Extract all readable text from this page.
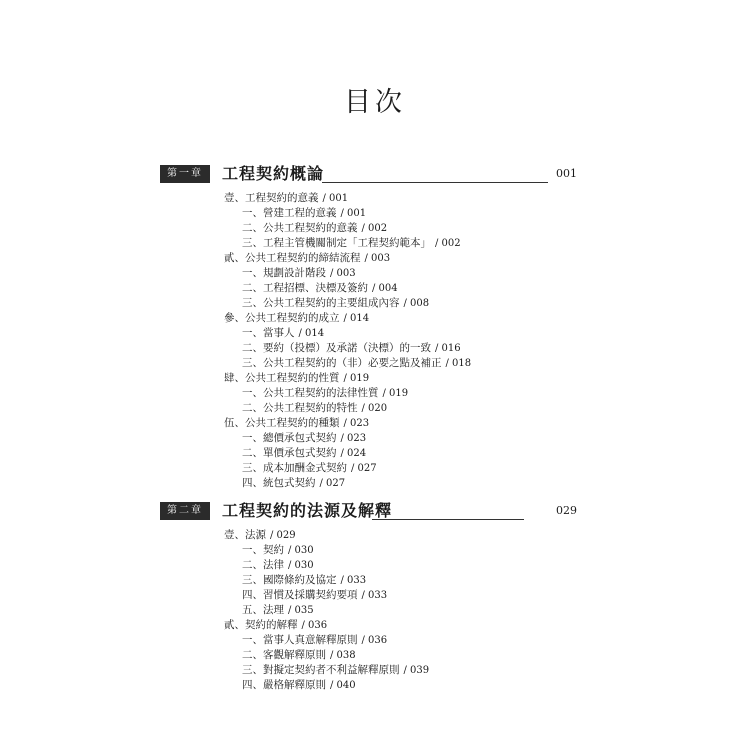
目次
第一章	工程契約概論	001
壹、工程契約的意義 / 001
一、營建工程的意義 / 001
二、公共工程契約的意義 / 002
三、工程主管機關制定「工程契約範本」 / 002
貳、公共工程契約的締結流程 / 003
一、規劃設計階段 / 003
二、工程招標、決標及簽約 / 004
三、公共工程契約的主要組成內容 / 008
參、公共工程契約的成立 / 014
一、當事人 / 014
二、要約（投標）及承諾（決標）的一致 / 016
三、公共工程契約的（非）必要之點及補正 / 018
肆、公共工程契約的性質 / 019
一、公共工程契約的法律性質 / 019
二、公共工程契約的特性 / 020
伍、公共工程契約的種類 / 023
一、總價承包式契約 / 023
二、單價承包式契約 / 024
三、成本加酬金式契約 / 027
四、統包式契約 / 027
第二章	工程契約的法源及解釋	029
壹、法源 / 029
一、契約 / 030
二、法律 / 030
三、國際條約及協定 / 033
四、習慣及採購契約要項 / 033
五、法理 / 035
貳、契約的解釋 / 036
一、當事人真意解釋原則 / 036
二、客觀解釋原則 / 038
三、對擬定契約者不利益解釋原則 / 039
四、嚴格解釋原則 / 040
